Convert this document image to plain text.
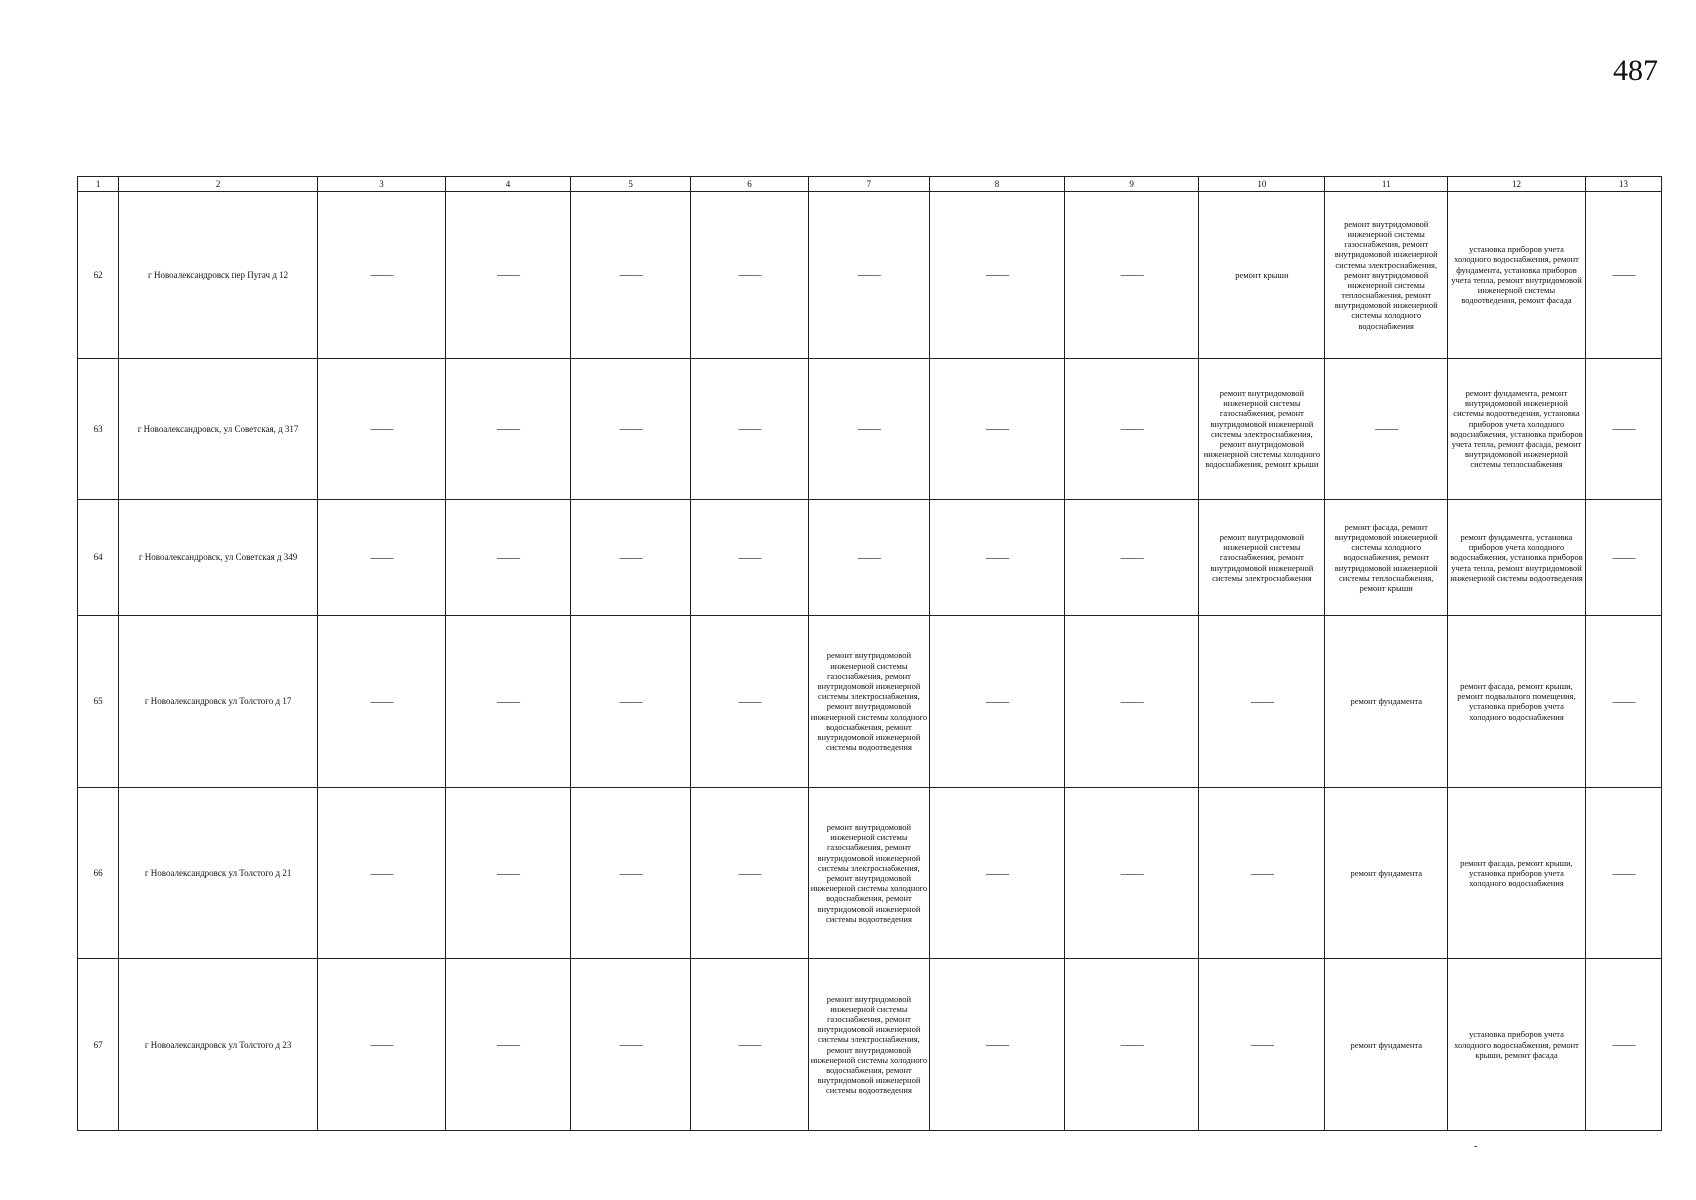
487
1	2	3	4	5	6	7	8	9	10	11	12	13
62	г Новоалександровск пер Пугач д 12	——	——	——	——	——	——	——	ремонт крыши	ремонт внутридомовой инженерной системы газоснабжения, ремонт внутридомовой инженерной системы электроснабжения, ремонт внутридомовой инженерной системы теплоснабжения, ремонт внутридомовой инженерной системы холодного водоснабжения	установка приборов учета холодного водоснабжения, ремонт фундамента, установка приборов учета тепла, ремонт внутридомовой инженерной системы водоотведения, ремонт фасада	——
63	г Новоалександровск, ул Советская, д 317	——	——	——	——	——	——	——	ремонт внутридомовой инженерной системы газоснабжения, ремонт внутридомовой инженерной системы электроснабжения, ремонт внутридомовой инженерной системы холодного водоснабжения, ремонт крыши	——	ремонт фундамента, ремонт внутридомовой инженерной системы водоотведения, установка приборов учета холодного водоснабжения, установка приборов учета тепла, ремонт фасада, ремонт внутридомовой инженерной системы теплоснабжения	——
64	г Новоалександровск, ул Советская д 349	——	——	——	——	——	——	——	ремонт внутридомовой инженерной системы газоснабжения, ремонт внутридомовой инженерной системы электроснабжения	ремонт фасада, ремонт внутридомовой инженерной системы холодного водоснабжения, ремонт внутридомовой инженерной системы теплоснабжения, ремонт крыши	ремонт фундамента, установка приборов учета холодного водоснабжения, установка приборов учета тепла, ремонт внутридомовой инженерной системы водоотведения	——
65	г Новоалександровск ул Толстого д 17	——	——	——	——	ремонт внутридомовой инженерной системы газоснабжения, ремонт внутридомовой инженерной системы электроснабжения, ремонт внутридомовой инженерной системы холодного водоснабжения, ремонт внутридомовой инженерной системы водоотведения	——	——	——	ремонт фундамента	ремонт фасада, ремонт крыши, ремонт подвального помещения, установка приборов учета холодного водоснабжения	——
66	г Новоалександровск ул Толстого д 21	——	——	——	——	ремонт внутридомовой инженерной системы газоснабжения, ремонт внутридомовой инженерной системы электроснабжения, ремонт внутридомовой инженерной системы холодного водоснабжения, ремонт внутридомовой инженерной системы водоотведения	——	——	——	ремонт фундамента	ремонт фасада, ремонт крыши, установка приборов учета холодного водоснабжения	——
67	г Новоалександровск ул Толстого д 23	——	——	——	——	ремонт внутридомовой инженерной системы газоснабжения, ремонт внутридомовой инженерной системы электроснабжения, ремонт внутридомовой инженерной системы холодного водоснабжения, ремонт внутридомовой инженерной системы водоотведения	——	——	——	ремонт фундамента	установка приборов учета холодного водоснабжения, ремонт крыши, ремонт фасада	——
-
